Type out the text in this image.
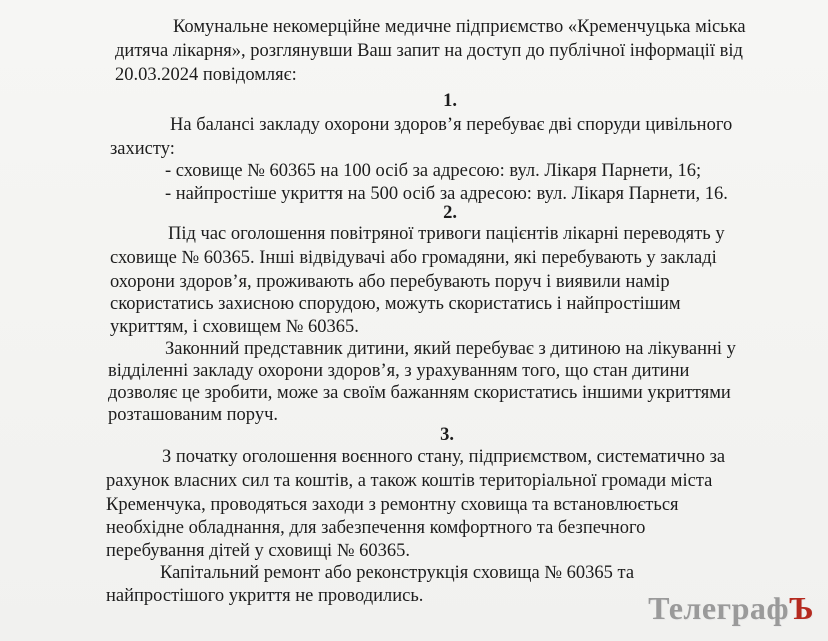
Комунальне некомерційне медичне підприємство «Кременчуцька міська
дитяча лікарня», розглянувши Ваш запит на доступ до публічної інформації від
20.03.2024 повідомляє:
1.
На балансі закладу охорони здоров’я перебуває дві споруди цивільного
захисту:
- сховище № 60365 на 100 осіб за адресою: вул. Лікаря Парнети, 16;
- найпростіше укриття на 500 осіб за адресою: вул. Лікаря Парнети, 16.
2.
Під час оголошення повітряної тривоги пацієнтів лікарні переводять у
сховище № 60365. Інші відвідувачі або громадяни, які перебувають у закладі
охорони здоров’я, проживають або перебувають поруч і виявили намір
скористатись захисною спорудою, можуть скористатись і найпростішим
укриттям, і сховищем № 60365.
Законний представник дитини, який перебуває з дитиною на лікуванні у
відділенні закладу охорони здоров’я, з урахуванням того, що стан дитини
дозволяє це зробити, може за своїм бажанням скористатись іншими укриттями
розташованим поруч.
3.
З початку оголошення воєнного стану, підприємством, систематично за
рахунок власних сил та коштів, а також коштів територіальної громади міста
Кременчука, проводяться заходи з ремонтну сховища та встановлюється
необхідне обладнання, для забезпечення комфортного та безпечного
перебування дітей у сховищі № 60365.
Капітальний ремонт або реконструкція сховища № 60365 та
найпростішого укриття не проводились.	ТелеграфЪ
